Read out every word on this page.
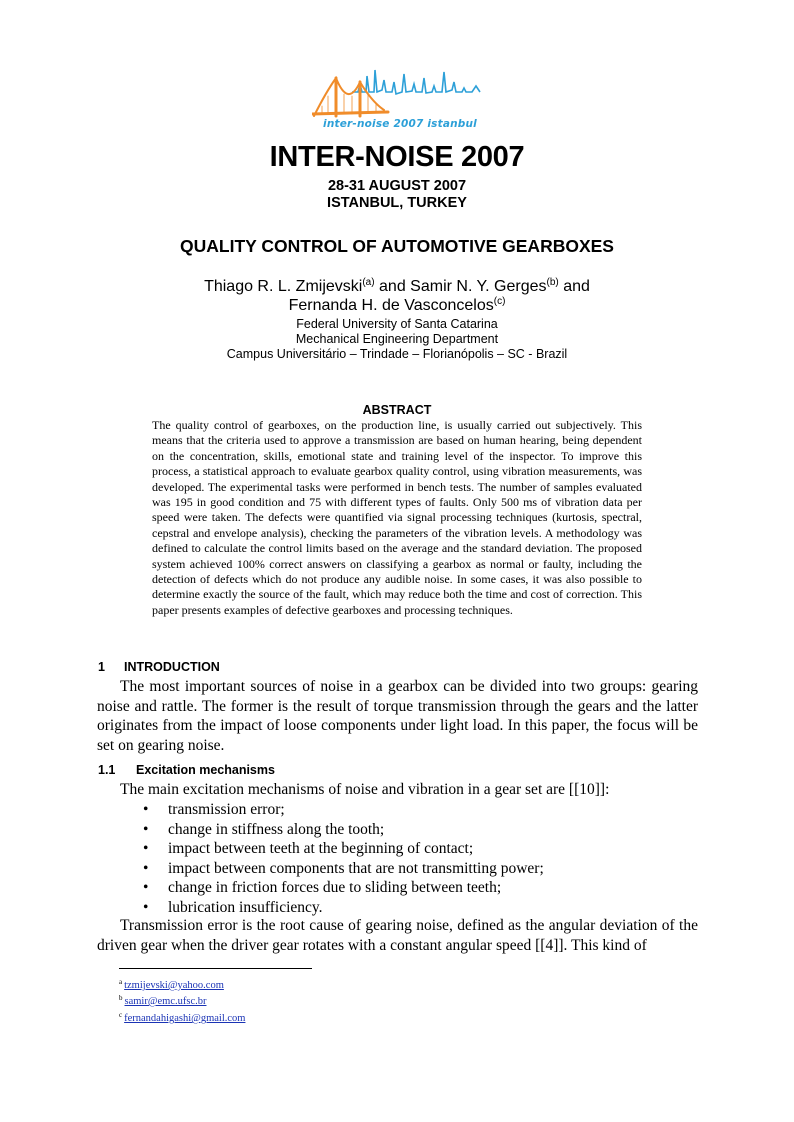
inter-noise 2007 istanbul
INTER-NOISE 2007
28-31 AUGUST 2007
ISTANBUL, TURKEY
QUALITY CONTROL OF AUTOMOTIVE GEARBOXES
Thiago R. L. Zmijevski$^{(a)}$ and Samir N. Y. Gerges$^{(b)}$ and
Fernanda H. de Vasconcelos$^{(c)}$
Federal University of Santa Catarina
Mechanical Engineering Department
Campus Universitário – Trindade – Florianópolis – SC - Brazil
ABSTRACT
The quality control of gearboxes, on the production line, is usually carried out subjectively. This means that the criteria used to approve a transmission are based on human hearing, being dependent on the concentration, skills, emotional state and training level of the inspector. To improve this process, a statistical approach to evaluate gearbox quality control, using vibration measurements, was developed. The experimental tasks were performed in bench tests. The number of samples evaluated was 195 in good condition and 75 with different types of faults. Only 500 ms of vibration data per speed were taken. The defects were quantified via signal processing techniques (kurtosis, spectral, cepstral and envelope analysis), checking the parameters of the vibration levels. A methodology was defined to calculate the control limits based on the average and the standard deviation. The proposed system achieved 100% correct answers on classifying a gearbox as normal or faulty, including the detection of defects which do not produce any audible noise. In some cases, it was also possible to determine exactly the source of the fault, which may reduce both the time and cost of correction. This paper presents examples of defective gearboxes and processing techniques.
1 INTRODUCTION
The most important sources of noise in a gearbox can be divided into two groups: gearing noise and rattle. The former is the result of torque transmission through the gears and the latter originates from the impact of loose components under light load. In this paper, the focus will be set on gearing noise.
1.1 Excitation mechanisms
The main excitation mechanisms of noise and vibration in a gear set are [[10]]:
• transmission error;
• change in stiffness along the tooth;
• impact between teeth at the beginning of contact;
• impact between components that are not transmitting power;
• change in friction forces due to sliding between teeth;
• lubrication insufficiency.
Transmission error is the root cause of gearing noise, defined as the angular deviation of the driven gear when the driver gear rotates with a constant angular speed [[4]]. This kind of
$^a$ tzmijevski@yahoo.com
$^b$ samir@emc.ufsc.br
$^c$ fernandahigashi@gmail.com
